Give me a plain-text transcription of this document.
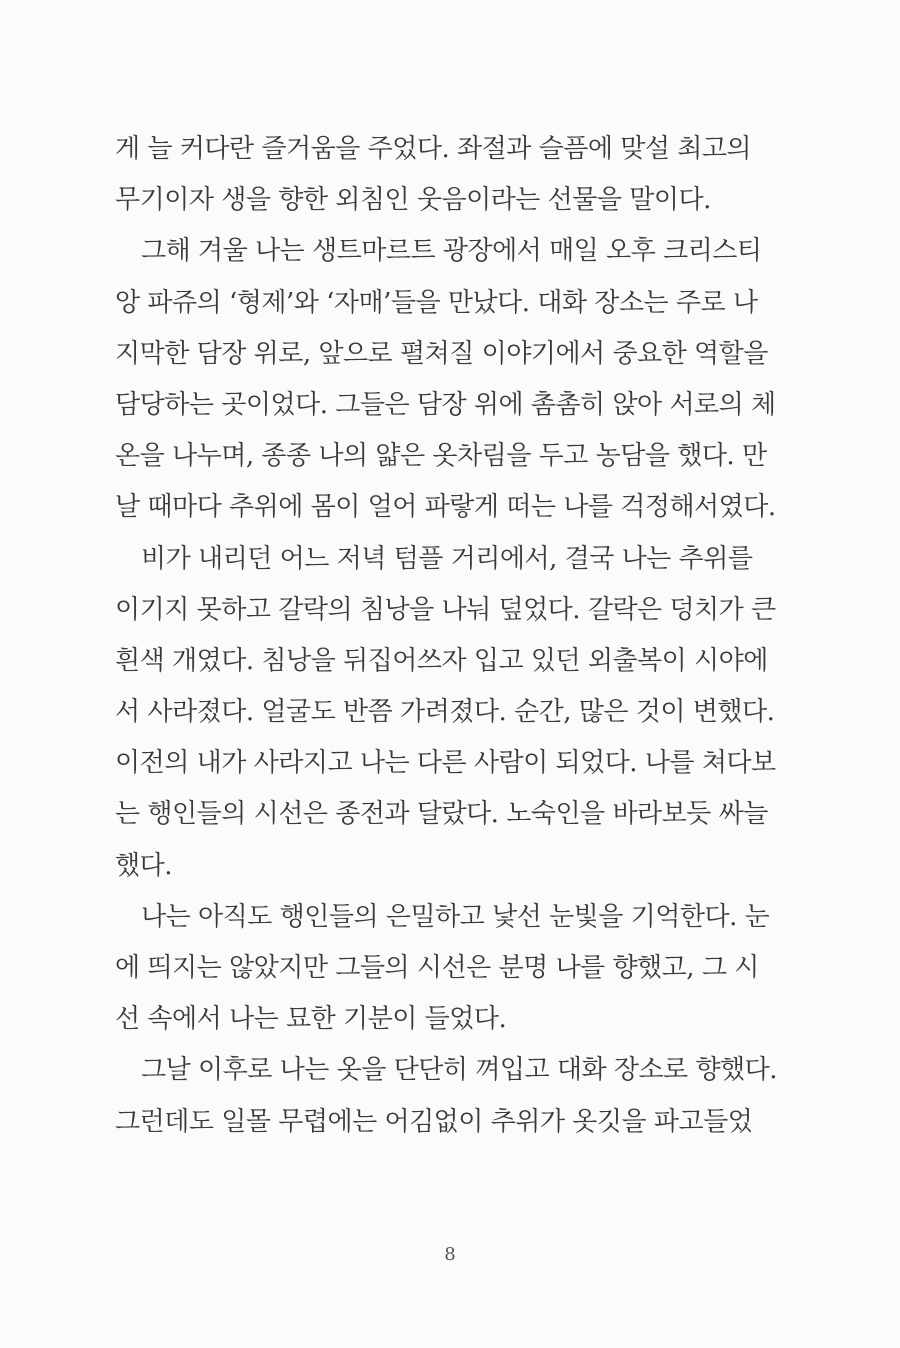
게 늘 커다란 즐거움을 주었다. 좌절과 슬픔에 맞설 최고의
무기이자 생을 향한 외침인 웃음이라는 선물을 말이다.
그해 겨울 나는 생트마르트 광장에서 매일 오후 크리스티
앙 파쥬의 ‘형제’와 ‘자매’들을 만났다. 대화 장소는 주로 나
지막한 담장 위로, 앞으로 펼쳐질 이야기에서 중요한 역할을
담당하는 곳이었다. 그들은 담장 위에 촘촘히 앉아 서로의 체
온을 나누며, 종종 나의 얇은 옷차림을 두고 농담을 했다. 만
날 때마다 추위에 몸이 얼어 파랗게 떠는 나를 걱정해서였다.
비가 내리던 어느 저녁 텀플 거리에서, 결국 나는 추위를
이기지 못하고 갈락의 침낭을 나눠 덮었다. 갈락은 덩치가 큰
흰색 개였다. 침낭을 뒤집어쓰자 입고 있던 외출복이 시야에
서 사라졌다. 얼굴도 반쯤 가려졌다. 순간, 많은 것이 변했다.
이전의 내가 사라지고 나는 다른 사람이 되었다. 나를 쳐다보
는 행인들의 시선은 종전과 달랐다. 노숙인을 바라보듯 싸늘
했다.
나는 아직도 행인들의 은밀하고 낯선 눈빛을 기억한다. 눈
에 띄지는 않았지만 그들의 시선은 분명 나를 향했고, 그 시
선 속에서 나는 묘한 기분이 들었다.
그날 이후로 나는 옷을 단단히 껴입고 대화 장소로 향했다.
그런데도 일몰 무렵에는 어김없이 추위가 옷깃을 파고들었
8
